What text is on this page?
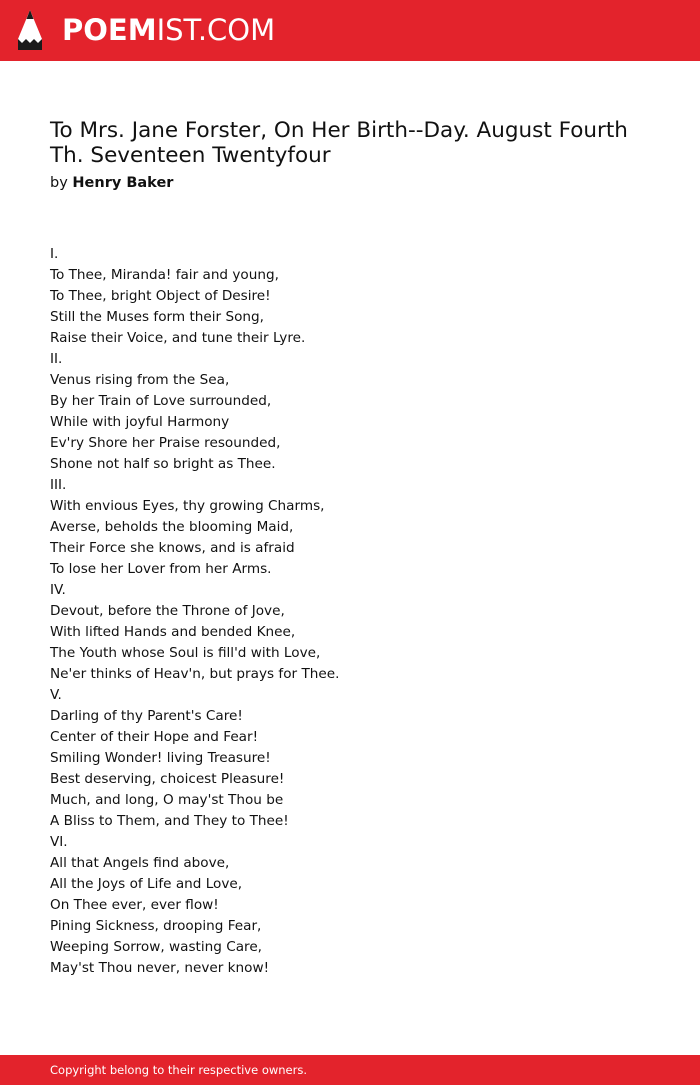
POEMIST.COM
To Mrs. Jane Forster, On Her Birth--Day. August Fourth Th. Seventeen Twentyfour
by Henry Baker
I.
To Thee, Miranda! fair and young,
To Thee, bright Object of Desire!
Still the Muses form their Song,
Raise their Voice, and tune their Lyre.
II.
Venus rising from the Sea,
By her Train of Love surrounded,
While with joyful Harmony
Ev'ry Shore her Praise resounded,
Shone not half so bright as Thee.
III.
With envious Eyes, thy growing Charms,
Averse, beholds the blooming Maid,
Their Force she knows, and is afraid
To lose her Lover from her Arms.
IV.
Devout, before the Throne of Jove,
With lifted Hands and bended Knee,
The Youth whose Soul is fill'd with Love,
Ne'er thinks of Heav'n, but prays for Thee.
V.
Darling of thy Parent's Care!
Center of their Hope and Fear!
Smiling Wonder! living Treasure!
Best deserving, choicest Pleasure!
Much, and long, O may'st Thou be
A Bliss to Them, and They to Thee!
VI.
All that Angels find above,
All the Joys of Life and Love,
On Thee ever, ever flow!
Pining Sickness, drooping Fear,
Weeping Sorrow, wasting Care,
May'st Thou never, never know!
Copyright belong to their respective owners.
